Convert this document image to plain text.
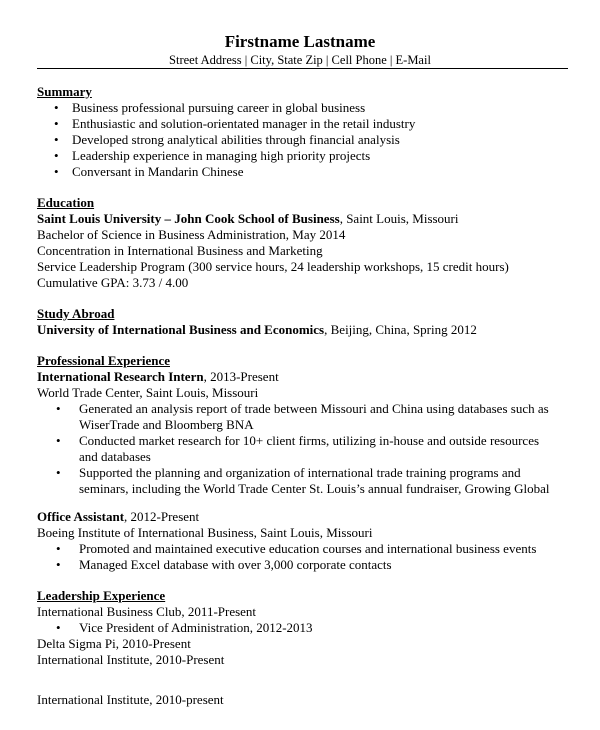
Firstname Lastname
Street Address | City, State Zip | Cell Phone | E-Mail
Summary
• Business professional pursuing career in global business
• Enthusiastic and solution-orientated manager in the retail industry
• Developed strong analytical abilities through financial analysis
• Leadership experience in managing high priority projects
• Conversant in Mandarin Chinese
Education
Saint Louis University – John Cook School of Business, Saint Louis, Missouri
Bachelor of Science in Business Administration, May 2014
Concentration in International Business and Marketing
Service Leadership Program (300 service hours, 24 leadership workshops, 15 credit hours)
Cumulative GPA: 3.73 / 4.00
Study Abroad
University of International Business and Economics, Beijing, China, Spring 2012
Professional Experience
International Research Intern, 2013-Present
World Trade Center, Saint Louis, Missouri
• Generated an analysis report of trade between Missouri and China using databases such as WiserTrade and Bloomberg BNA
• Conducted market research for 10+ client firms, utilizing in-house and outside resources and databases
• Supported the planning and organization of international trade training programs and seminars, including the World Trade Center St. Louis’s annual fundraiser, Growing Global
Office Assistant, 2012-Present
Boeing Institute of International Business, Saint Louis, Missouri
• Promoted and maintained executive education courses and international business events
• Managed Excel database with over 3,000 corporate contacts
Leadership Experience
International Business Club, 2011-Present
• Vice President of Administration, 2012-2013
Delta Sigma Pi, 2010-Present
International Institute, 2010-Present
International Institute, 2010-present
